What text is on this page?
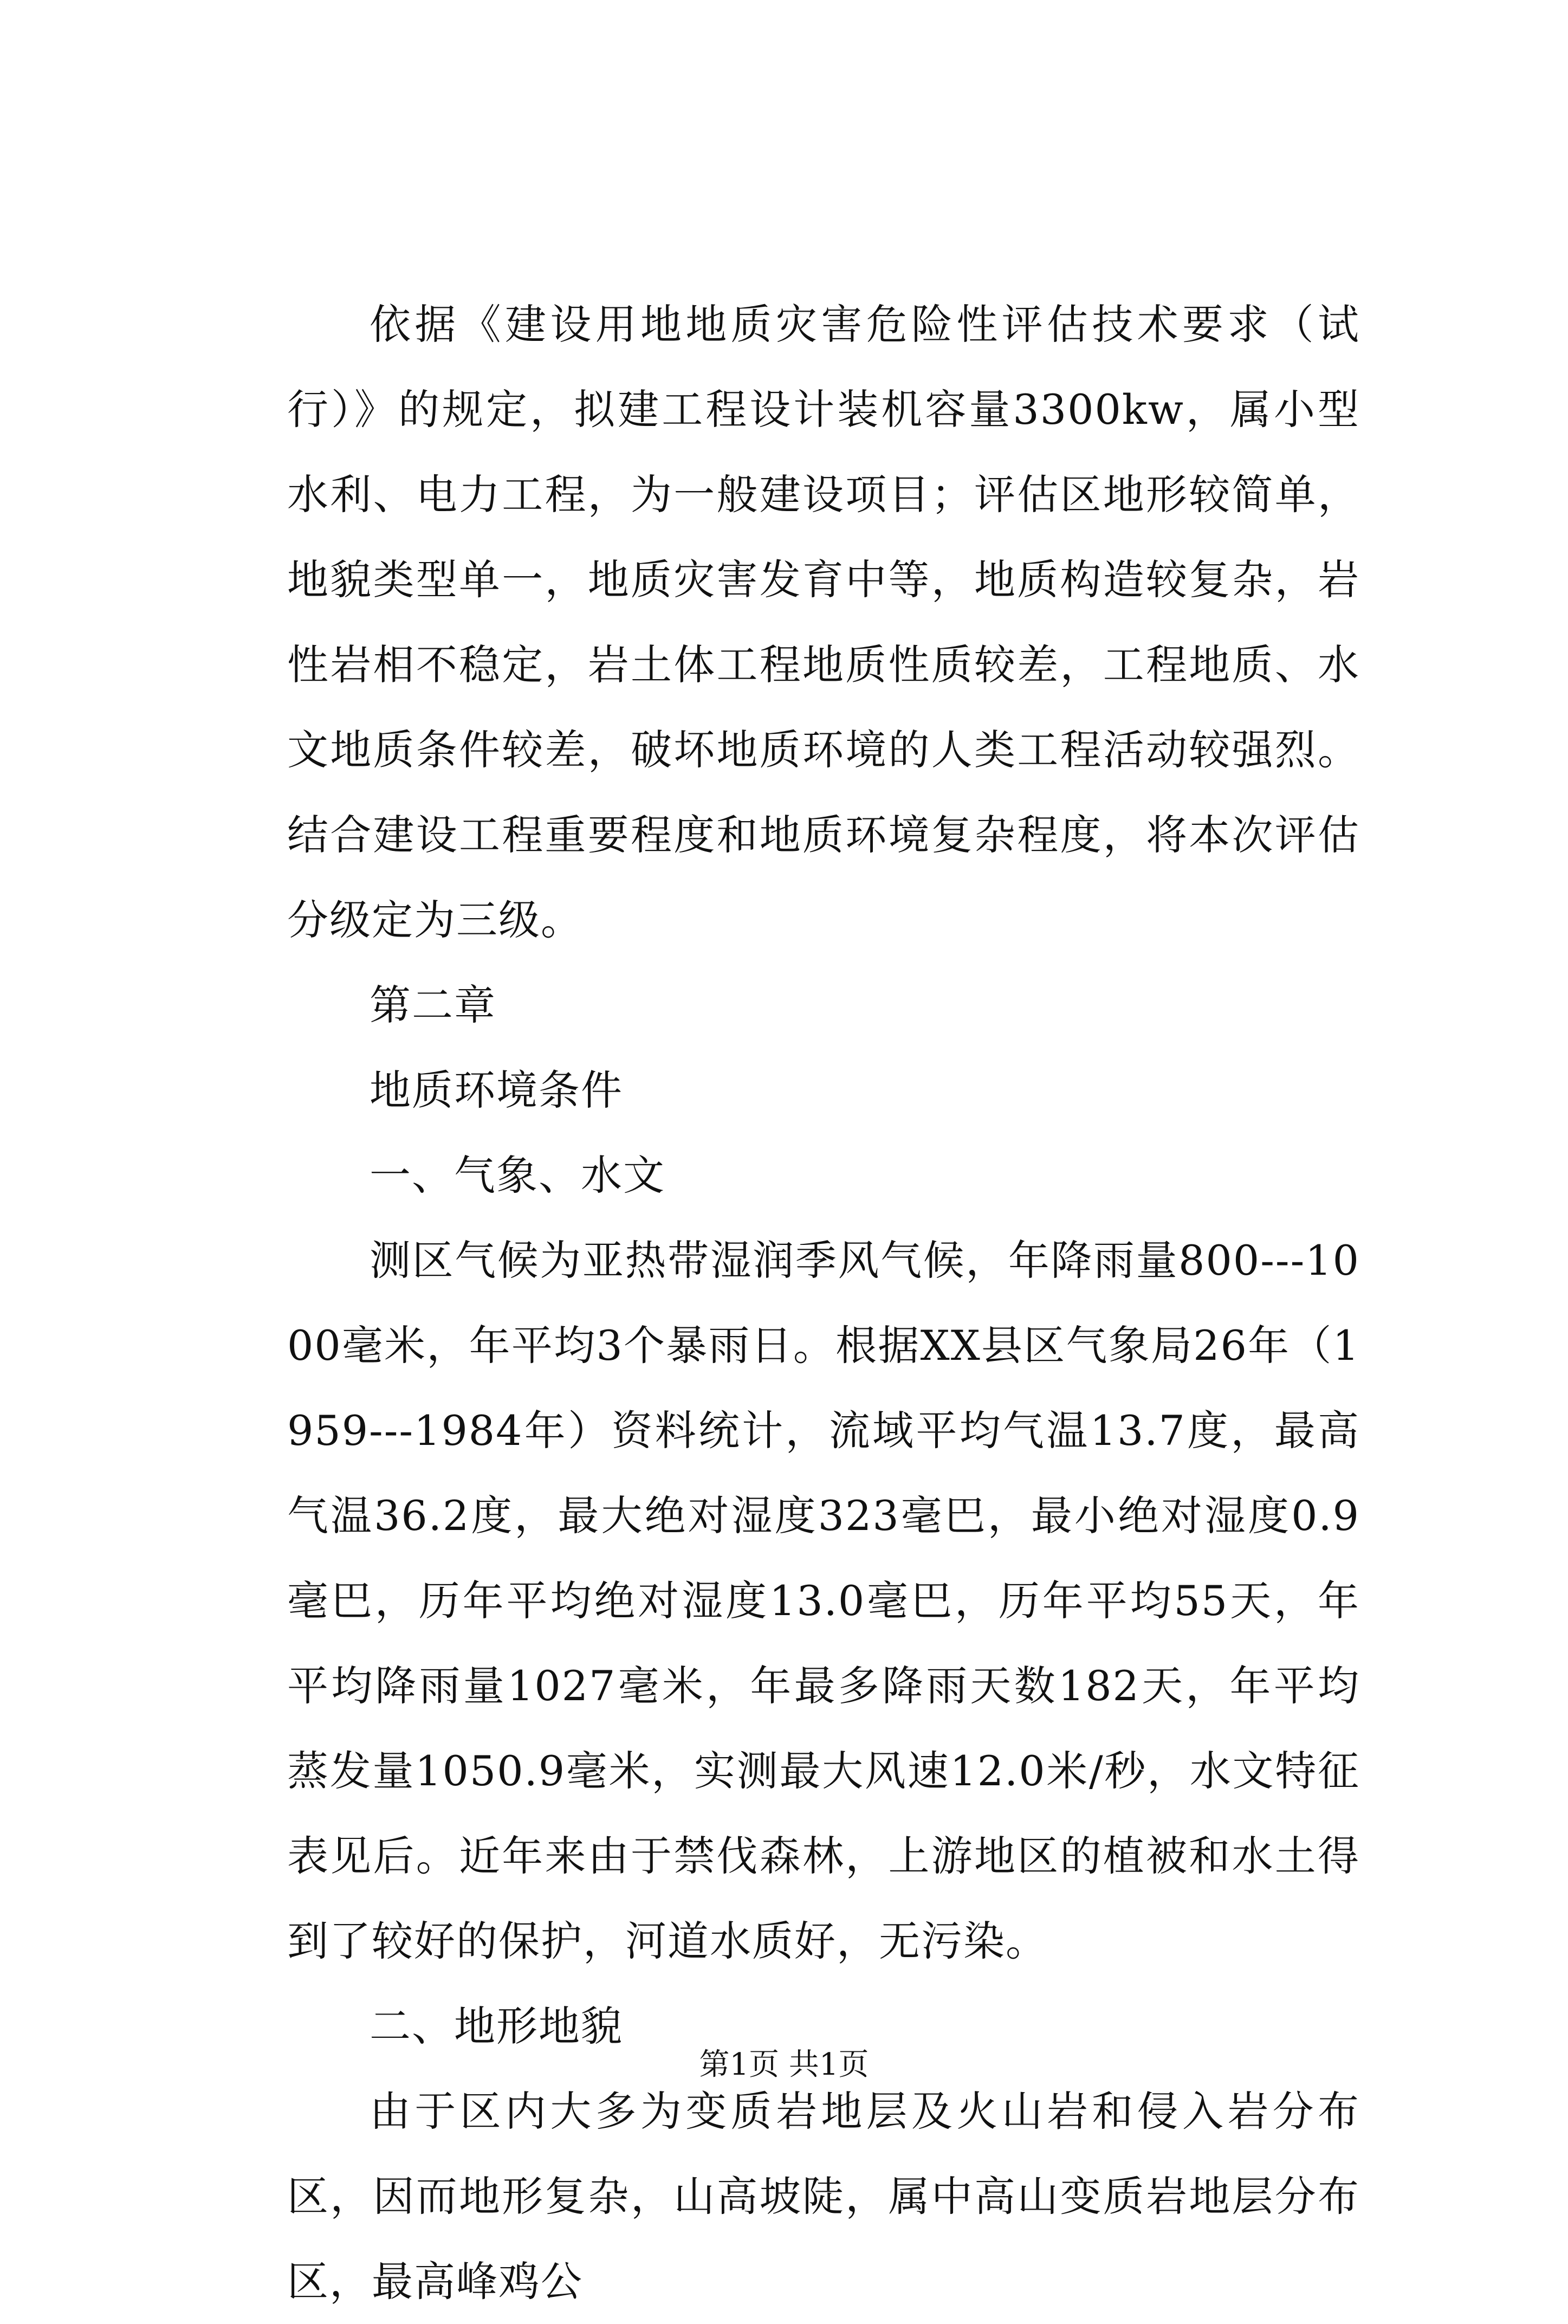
依据《建设用地地质灾害危险性评估技术要求（试行）》的规定，拟建工程设计装机容量3300kw，属小型水利、电力工程，为一般建设项目；评估区地形较简单，地貌类型单一，地质灾害发育中等，地质构造较复杂，岩性岩相不稳定，岩土体工程地质性质较差，工程地质、水文地质条件较差，破坏地质环境的人类工程活动较强烈。结合建设工程重要程度和地质环境复杂程度，将本次评估分级定为三级。

第二章

地质环境条件

一、气象、水文

测区气候为亚热带湿润季风气候，年降雨量800---1000毫米，年平均3个暴雨日。根据XX县区气象局26年（1959---1984年）资料统计，流域平均气温13.7度，最高气温36.2度，最大绝对湿度323毫巴，最小绝对湿度0.9毫巴，历年平均绝对湿度13.0毫巴，历年平均55天，年平均降雨量1027毫米，年最多降雨天数182天，年平均蒸发量1050.9毫米，实测最大风速12.0米/秒，水文特征表见后。近年来由于禁伐森林，上游地区的植被和水土得到了较好的保护，河道水质好，无污染。

二、地形地貌

由于区内大多为变质岩地层及火山岩和侵入岩分布区，因而地形复杂，山高坡陡，属中高山变质岩地层分布区，最高峰鸡公

第1页 共1页
